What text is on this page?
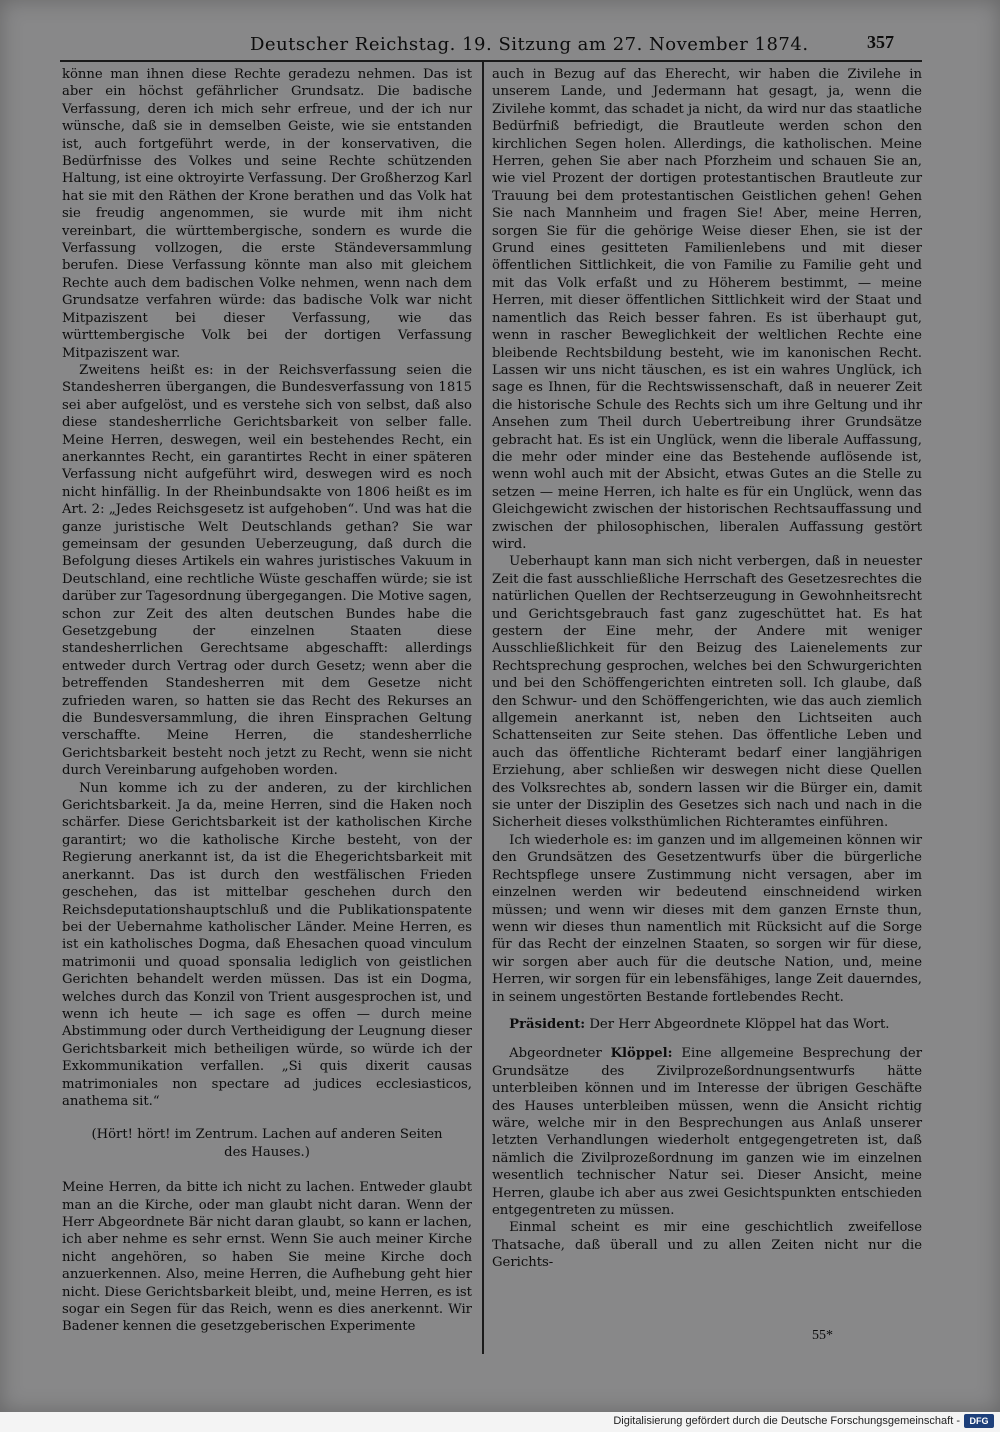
Deutscher Reichstag. 19. Sitzung am 27. November 1874.	357

könne man ihnen diese Rechte geradezu nehmen. Das ist aber ein höchst gefährlicher Grundsatz. Die badische Verfassung, deren ich mich sehr erfreue, und der ich nur wünsche, daß sie in demselben Geiste, wie sie entstanden ist, auch fortgeführt werde, in der konservativen, die Bedürfnisse des Volkes und seine Rechte schützenden Haltung, ist eine oktroyirte Verfassung. Der Großherzog Karl hat sie mit den Räthen der Krone berathen und das Volk hat sie freudig angenommen, sie wurde mit ihm nicht vereinbart, die württembergische, sondern es wurde die Verfassung vollzogen, die erste Ständeversammlung berufen. Diese Verfassung könnte man also mit gleichem Rechte auch dem badischen Volke nehmen, wenn nach dem Grundsatze verfahren würde: das badische Volk war nicht Mitpaziszent bei dieser Verfassung, wie das württembergische Volk bei der dortigen Verfassung Mitpaziszent war.

Zweitens heißt es: in der Reichsverfassung seien die Standesherren übergangen, die Bundesverfassung von 1815 sei aber aufgelöst, und es verstehe sich von selbst, daß also diese standesherrliche Gerichtsbarkeit von selber falle. Meine Herren, deswegen, weil ein bestehendes Recht, ein anerkanntes Recht, ein garantirtes Recht in einer späteren Verfassung nicht aufgeführt wird, deswegen wird es noch nicht hinfällig. In der Rheinbundsakte von 1806 heißt es im Art. 2: „Jedes Reichsgesetz ist aufgehoben“. Und was hat die ganze juristische Welt Deutschlands gethan? Sie war gemeinsam der gesunden Ueberzeugung, daß durch die Befolgung dieses Artikels ein wahres juristisches Vakuum in Deutschland, eine rechtliche Wüste geschaffen würde; sie ist darüber zur Tagesordnung übergegangen. Die Motive sagen, schon zur Zeit des alten deutschen Bundes habe die Gesetzgebung der einzelnen Staaten diese standesherrlichen Gerechtsame abgeschafft: allerdings entweder durch Vertrag oder durch Gesetz; wenn aber die betreffenden Standesherren mit dem Gesetze nicht zufrieden waren, so hatten sie das Recht des Rekurses an die Bundesversammlung, die ihren Einsprachen Geltung verschaffte. Meine Herren, die standesherrliche Gerichtsbarkeit besteht noch jetzt zu Recht, wenn sie nicht durch Vereinbarung aufgehoben worden.

Nun komme ich zu der anderen, zu der kirchlichen Gerichtsbarkeit. Ja da, meine Herren, sind die Haken noch schärfer. Diese Gerichtsbarkeit ist der katholischen Kirche garantirt; wo die katholische Kirche besteht, von der Regierung anerkannt ist, da ist die Ehegerichtsbarkeit mit anerkannt. Das ist durch den westfälischen Frieden geschehen, das ist mittelbar geschehen durch den Reichsdeputationshauptschluß und die Publikationspatente bei der Uebernahme katholischer Länder. Meine Herren, es ist ein katholisches Dogma, daß Ehesachen quoad vinculum matrimonii und quoad sponsalia lediglich von geistlichen Gerichten behandelt werden müssen. Das ist ein Dogma, welches durch das Konzil von Trient ausgesprochen ist, und wenn ich heute — ich sage es offen — durch meine Abstimmung oder durch Vertheidigung der Leugnung dieser Gerichtsbarkeit mich betheiligen würde, so würde ich der Exkommunikation verfallen. „Si quis dixerit causas matrimoniales non spectare ad judices ecclesiasticos, anathema sit.“

(Hört! hört! im Zentrum. Lachen auf anderen Seiten des Hauses.)

Meine Herren, da bitte ich nicht zu lachen. Entweder glaubt man an die Kirche, oder man glaubt nicht daran. Wenn der Herr Abgeordnete Bär nicht daran glaubt, so kann er lachen, ich aber nehme es sehr ernst. Wenn Sie auch meiner Kirche nicht angehören, so haben Sie meine Kirche doch anzuerkennen. Also, meine Herren, die Aufhebung geht hier nicht. Diese Gerichtsbarkeit bleibt, und, meine Herren, es ist sogar ein Segen für das Reich, wenn es dies anerkennt. Wir Badener kennen die gesetzgeberischen Experimente

auch in Bezug auf das Eherecht, wir haben die Zivilehe in unserem Lande, und Jedermann hat gesagt, ja, wenn die Zivilehe kommt, das schadet ja nicht, da wird nur das staatliche Bedürfniß befriedigt, die Brautleute werden schon den kirchlichen Segen holen. Allerdings, die katholischen. Meine Herren, gehen Sie aber nach Pforzheim und schauen Sie an, wie viel Prozent der dortigen protestantischen Brautleute zur Trauung bei dem protestantischen Geistlichen gehen! Gehen Sie nach Mannheim und fragen Sie! Aber, meine Herren, sorgen Sie für die gehörige Weise dieser Ehen, sie ist der Grund eines gesitteten Familienlebens und mit dieser öffentlichen Sittlichkeit, die von Familie zu Familie geht und mit das Volk erfaßt und zu Höherem bestimmt, — meine Herren, mit dieser öffentlichen Sittlichkeit wird der Staat und namentlich das Reich besser fahren. Es ist überhaupt gut, wenn in rascher Beweglichkeit der weltlichen Rechte eine bleibende Rechtsbildung besteht, wie im kanonischen Recht. Lassen wir uns nicht täuschen, es ist ein wahres Unglück, ich sage es Ihnen, für die Rechtswissenschaft, daß in neuerer Zeit die historische Schule des Rechts sich um ihre Geltung und ihr Ansehen zum Theil durch Uebertreibung ihrer Grundsätze gebracht hat. Es ist ein Unglück, wenn die liberale Auffassung, die mehr oder minder eine das Bestehende auflösende ist, wenn wohl auch mit der Absicht, etwas Gutes an die Stelle zu setzen — meine Herren, ich halte es für ein Unglück, wenn das Gleichgewicht zwischen der historischen Rechtsauffassung und zwischen der philosophischen, liberalen Auffassung gestört wird.

Ueberhaupt kann man sich nicht verbergen, daß in neuester Zeit die fast ausschließliche Herrschaft des Gesetzesrechtes die natürlichen Quellen der Rechtserzeugung in Gewohnheitsrecht und Gerichtsgebrauch fast ganz zugeschüttet hat. Es hat gestern der Eine mehr, der Andere mit weniger Ausschließlichkeit für den Beizug des Laienelements zur Rechtsprechung gesprochen, welches bei den Schwurgerichten und bei den Schöffengerichten eintreten soll. Ich glaube, daß den Schwur- und den Schöffengerichten, wie das auch ziemlich allgemein anerkannt ist, neben den Lichtseiten auch Schattenseiten zur Seite stehen. Das öffentliche Leben und auch das öffentliche Richteramt bedarf einer langjährigen Erziehung, aber schließen wir deswegen nicht diese Quellen des Volksrechtes ab, sondern lassen wir die Bürger ein, damit sie unter der Disziplin des Gesetzes sich nach und nach in die Sicherheit dieses volksthümlichen Richteramtes einführen.

Ich wiederhole es: im ganzen und im allgemeinen können wir den Grundsätzen des Gesetzentwurfs über die bürgerliche Rechtspflege unsere Zustimmung nicht versagen, aber im einzelnen werden wir bedeutend einschneidend wirken müssen; und wenn wir dieses mit dem ganzen Ernste thun, wenn wir dieses thun namentlich mit Rücksicht auf die Sorge für das Recht der einzelnen Staaten, so sorgen wir für diese, wir sorgen aber auch für die deutsche Nation, und, meine Herren, wir sorgen für ein lebensfähiges, lange Zeit dauerndes, in seinem ungestörten Bestande fortlebendes Recht.

Präsident: Der Herr Abgeordnete Klöppel hat das Wort.

Abgeordneter Klöppel: Eine allgemeine Besprechung der Grundsätze des Zivilprozeßordnungsentwurfs hätte unterbleiben können und im Interesse der übrigen Geschäfte des Hauses unterbleiben müssen, wenn die Ansicht richtig wäre, welche mir in den Besprechungen aus Anlaß unserer letzten Verhandlungen wiederholt entgegengetreten ist, daß nämlich die Zivilprozeßordnung im ganzen wie im einzelnen wesentlich technischer Natur sei. Dieser Ansicht, meine Herren, glaube ich aber aus zwei Gesichtspunkten entschieden entgegentreten zu müssen.

Einmal scheint es mir eine geschichtlich zweifellose Thatsache, daß überall und zu allen Zeiten nicht nur die Gerichts-

55*
Digitalisierung gefördert durch die Deutsche Forschungsgemeinschaft -	DFG
